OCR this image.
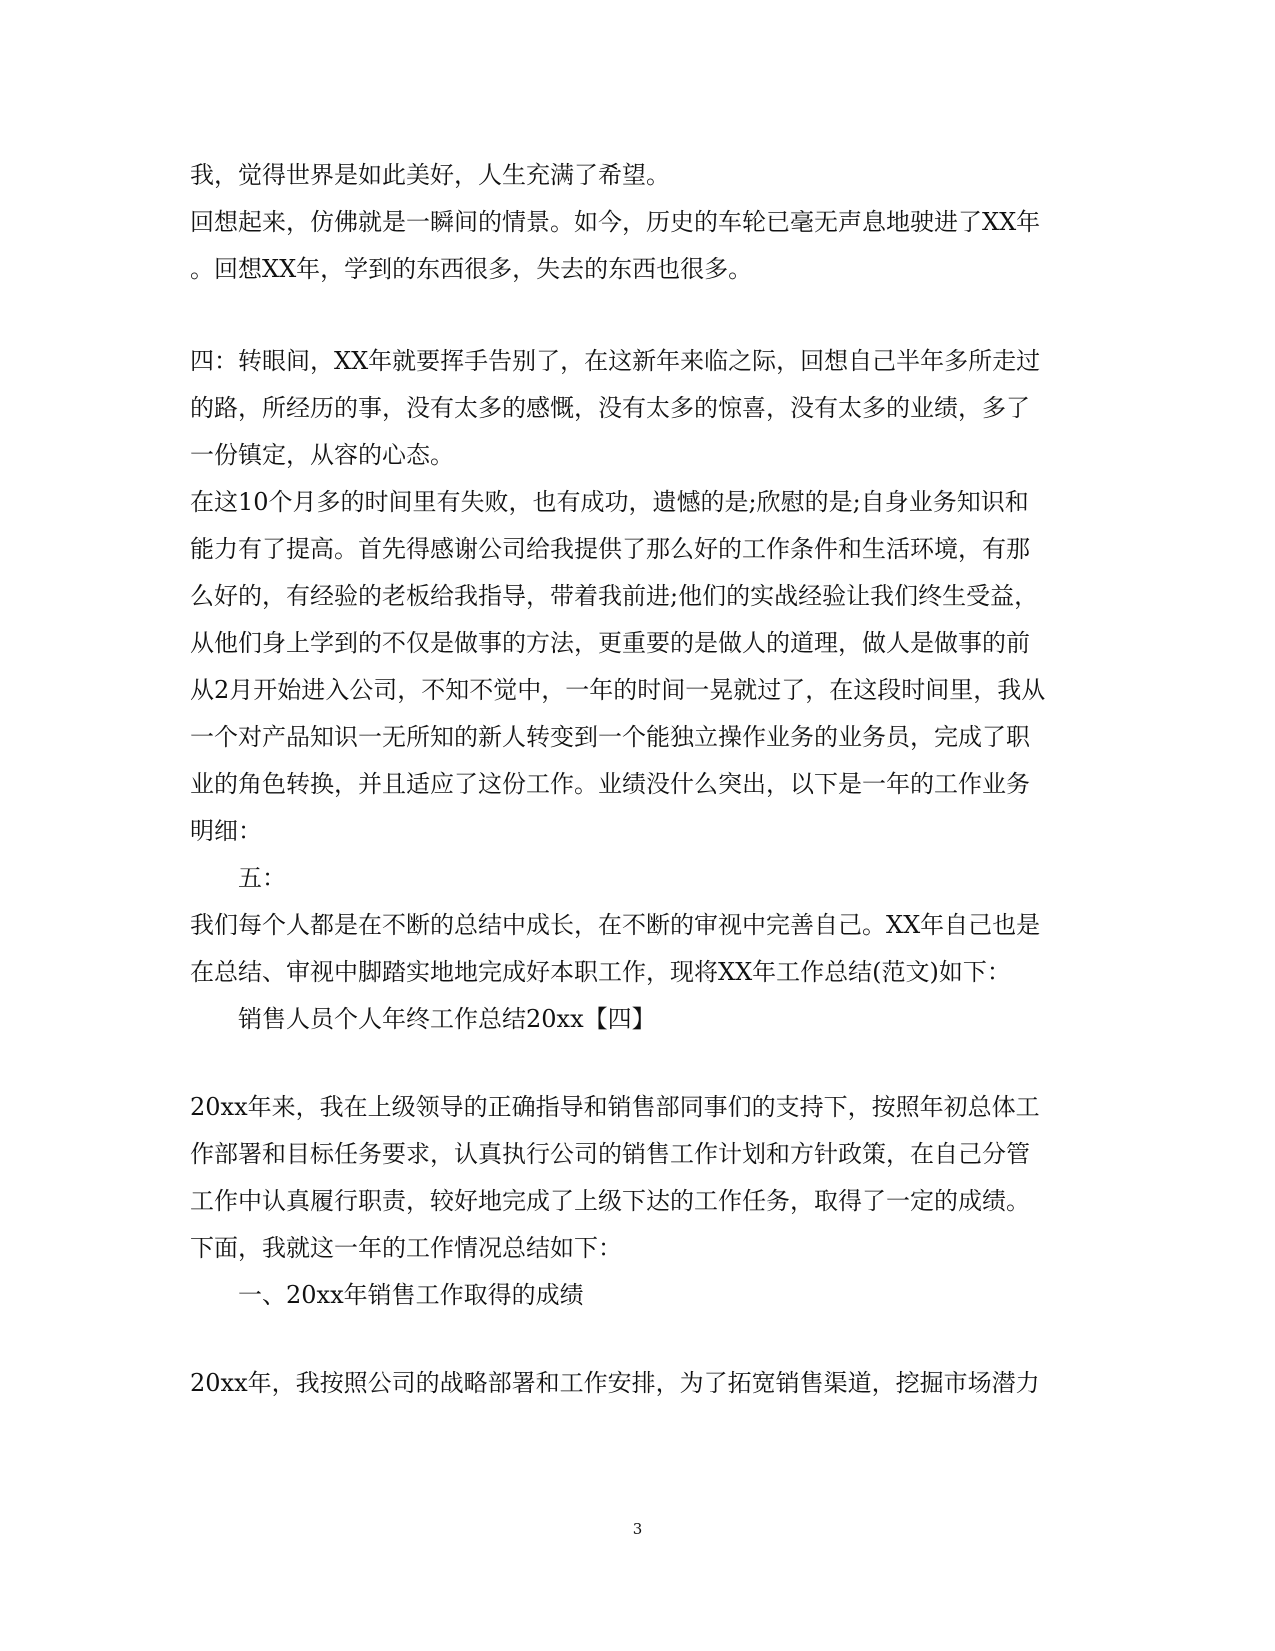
我，觉得世界是如此美好，人生充满了希望。
回想起来，仿佛就是一瞬间的情景。如今，历史的车轮已毫无声息地驶进了XX年
。回想XX年，学到的东西很多，失去的东西也很多。
四：转眼间，XX年就要挥手告别了，在这新年来临之际，回想自己半年多所走过
的路，所经历的事，没有太多的感慨，没有太多的惊喜，没有太多的业绩，多了
一份镇定，从容的心态。
在这10个月多的时间里有失败，也有成功，遗憾的是;欣慰的是;自身业务知识和
能力有了提高。首先得感谢公司给我提供了那么好的工作条件和生活环境，有那
么好的，有经验的老板给我指导，带着我前进;他们的实战经验让我们终生受益，
从他们身上学到的不仅是做事的方法，更重要的是做人的道理，做人是做事的前
从2月开始进入公司，不知不觉中，一年的时间一晃就过了，在这段时间里，我从
一个对产品知识一无所知的新人转变到一个能独立操作业务的业务员，完成了职
业的角色转换，并且适应了这份工作。业绩没什么突出，以下是一年的工作业务
明细：
五：
我们每个人都是在不断的总结中成长，在不断的审视中完善自己。XX年自己也是
在总结、审视中脚踏实地地完成好本职工作，现将XX年工作总结(范文)如下：
销售人员个人年终工作总结20xx【四】
20xx年来，我在上级领导的正确指导和销售部同事们的支持下，按照年初总体工
作部署和目标任务要求，认真执行公司的销售工作计划和方针政策，在自己分管
工作中认真履行职责，较好地完成了上级下达的工作任务，取得了一定的成绩。
下面，我就这一年的工作情况总结如下：
一、20xx年销售工作取得的成绩
20xx年，我按照公司的战略部署和工作安排，为了拓宽销售渠道，挖掘市场潜力
3
